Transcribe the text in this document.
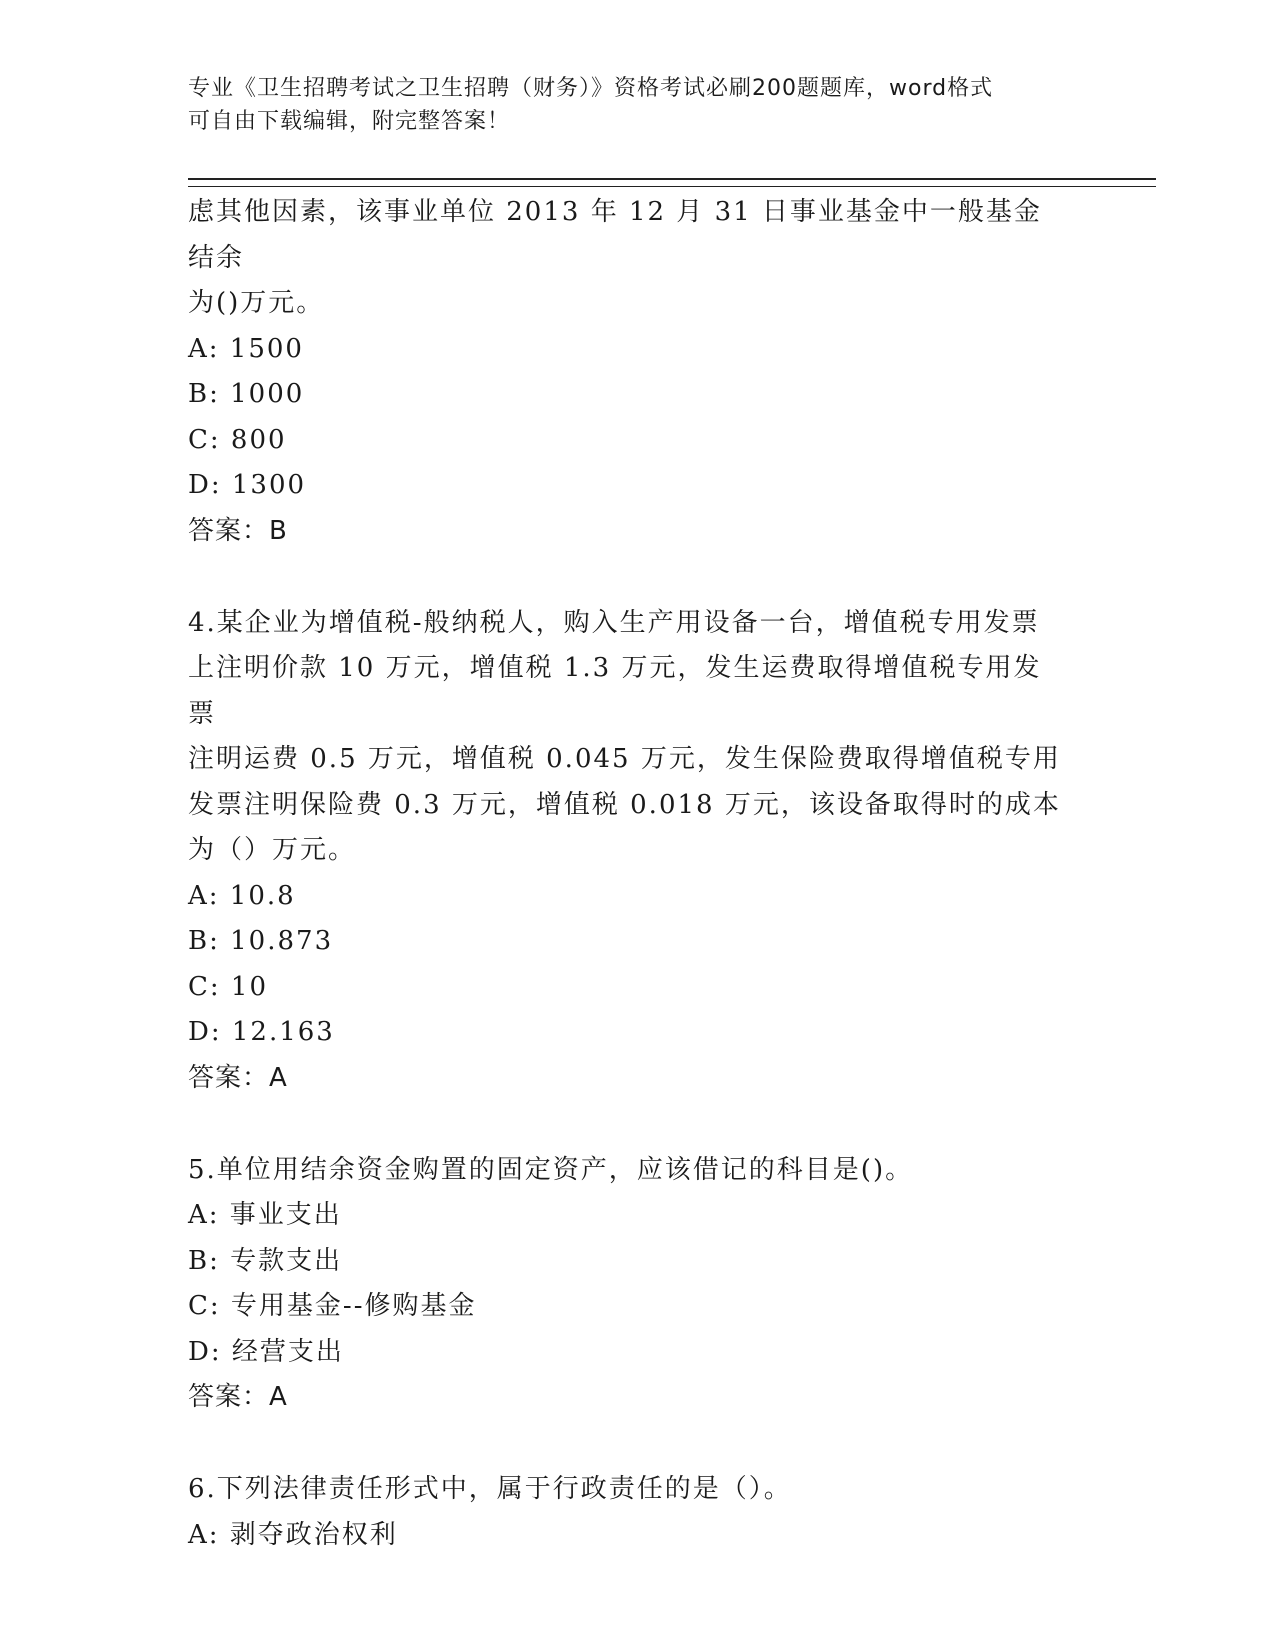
专业《卫生招聘考试之卫生招聘（财务）》资格考试必刷200题题库，word格式
可自由下载编辑，附完整答案！

虑其他因素，该事业单位 2013 年 12 月 31 日事业基金中一般基金结余

为()万元。

A: 1500

B: 1000

C: 800

D: 1300

答案：B

4.某企业为增值税-般纳税人，购入生产用设备一台，增值税专用发票

上注明价款 10 万元，增值税 1.3 万元，发生运费取得增值税专用发票

注明运费 0.5 万元，增值税 0.045 万元，发生保险费取得增值税专用

发票注明保险费 0.3 万元，增值税 0.018 万元，该设备取得时的成本

为（）万元。

A: 10.8

B: 10.873

C: 10

D: 12.163

答案：A

5.单位用结余资金购置的固定资产，应该借记的科目是()。

A: 事业支出

B: 专款支出

C: 专用基金--修购基金

D: 经营支出

答案：A

6.下列法律责任形式中，属于行政责任的是（）。

A: 剥夺政治权利
